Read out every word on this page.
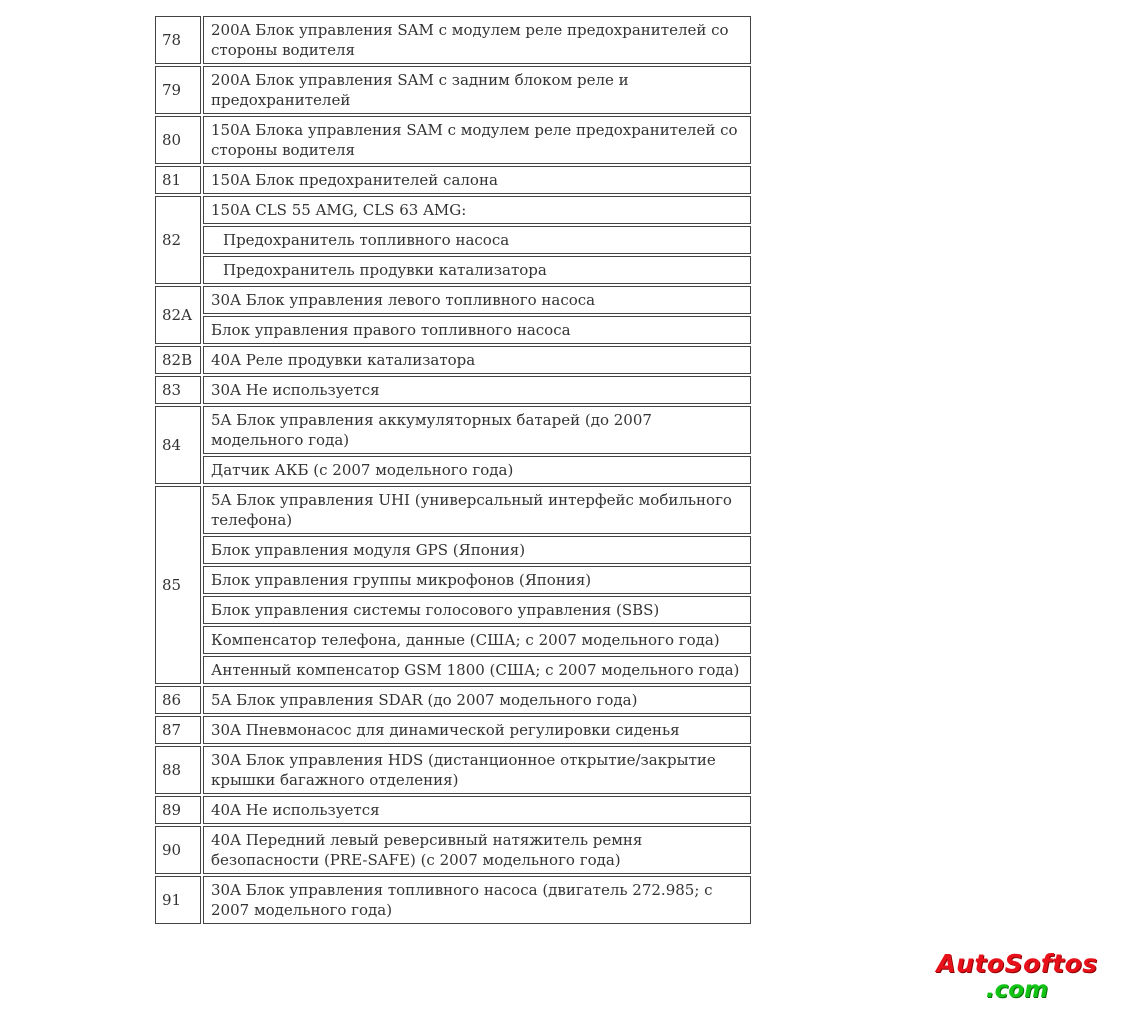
78	200A Блок управления SAM с модулем реле предохранителей со стороны водителя
79	200A Блок управления SAM с задним блоком реле и предохранителей
80	150A Блока управления SAM с модулем реле предохранителей со стороны водителя
81	150A Блок предохранителей салона
82	150A CLS 55 AMG, CLS 63 AMG:
	Предохранитель топливного насоса
	Предохранитель продувки катализатора
82A	30A Блок управления левого топливного насоса
	Блок управления правого топливного насоса
82B	40A Реле продувки катализатора
83	30A Не используется
84	5A Блок управления аккумуляторных батарей (до 2007 модельного года)
	Датчик АКБ (с 2007 модельного года)
85	5A Блок управления UHI (универсальный интерфейс мобильного телефона)
	Блок управления модуля GPS (Япония)
	Блок управления группы микрофонов (Япония)
	Блок управления системы голосового управления (SBS)
	Компенсатор телефона, данные (США; с 2007 модельного года)
	Антенный компенсатор GSM 1800 (США; с 2007 модельного года)
86	5A Блок управления SDAR (до 2007 модельного года)
87	30A Пневмонасос для динамической регулировки сиденья
88	30A Блок управления HDS (дистанционное открытие/закрытие крышки багажного отделения)
89	40A Не используется
90	40A Передний левый реверсивный натяжитель ремня безопасности (PRE-SAFE) (с 2007 модельного года)
91	30A Блок управления топливного насоса (двигатель 272.985; с 2007 модельного года)
AutoSoftos
.com
